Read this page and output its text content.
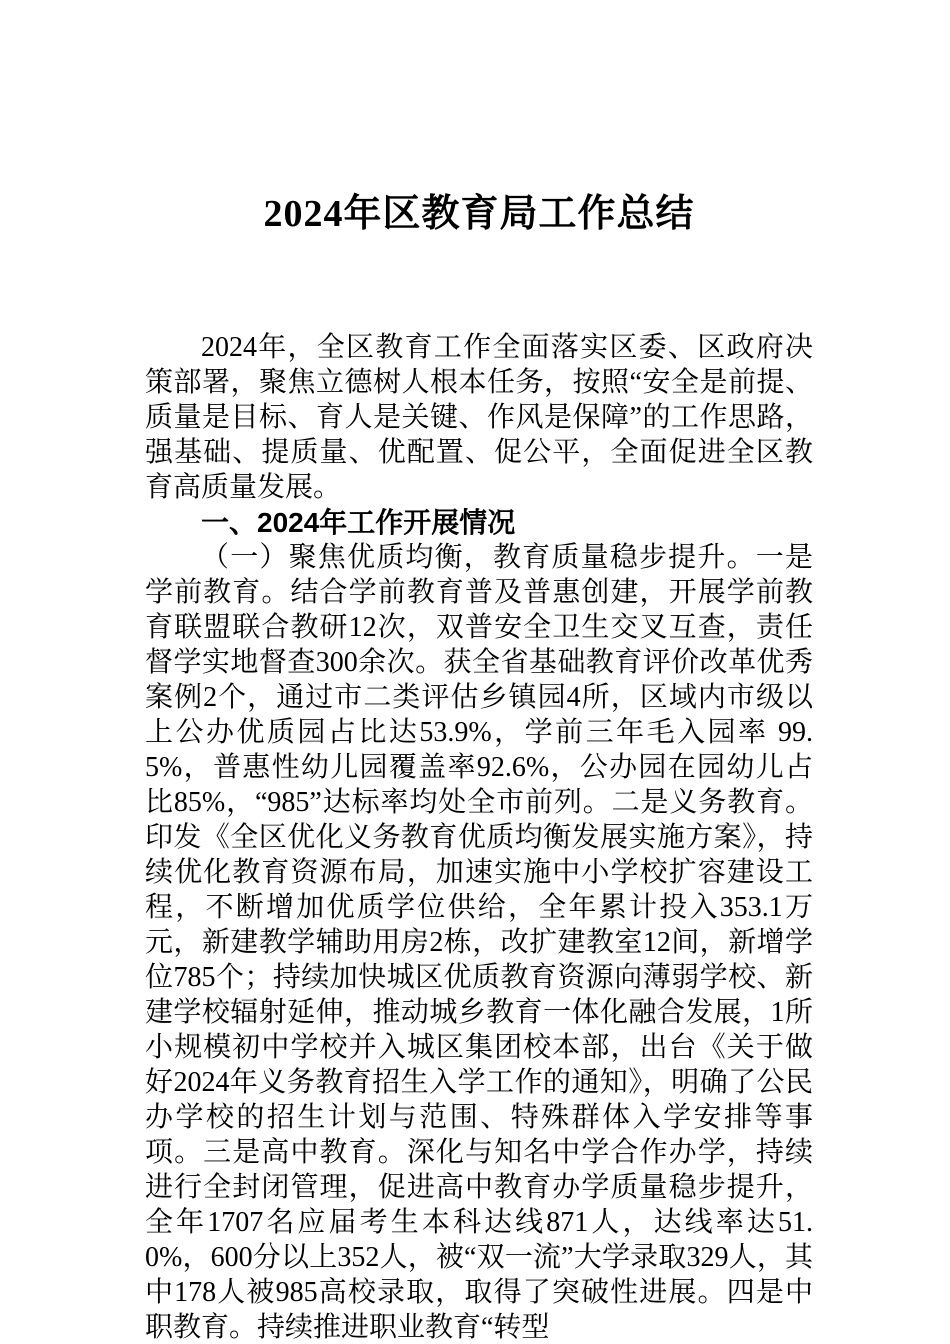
2024年区教育局工作总结

2024年，全区教育工作全面落实区委、区政府决策部署，聚焦立德树人根本任务，按照“安全是前提、质量是目标、育人是关键、作风是保障”的工作思路，强基础、提质量、优配置、促公平，全面促进全区教育高质量发展。

一、2024年工作开展情况

（一）聚焦优质均衡，教育质量稳步提升。一是学前教育。结合学前教育普及普惠创建，开展学前教育联盟联合教研12次，双普安全卫生交叉互查，责任督学实地督查300余次。获全省基础教育评价改革优秀案例2个，通过市二类评估乡镇园4所，区域内市级以上公办优质园占比达53.9%，学前三年毛入园率 99.5%，普惠性幼儿园覆盖率92.6%，公办园在园幼儿占比85%，“985”达标率均处全市前列。二是义务教育。印发《全区优化义务教育优质均衡发展实施方案》，持续优化教育资源布局，加速实施中小学校扩容建设工程，不断增加优质学位供给，全年累计投入353.1万元，新建教学辅助用房2栋，改扩建教室12间，新增学位785个；持续加快城区优质教育资源向薄弱学校、新建学校辐射延伸，推动城乡教育一体化融合发展，1所小规模初中学校并入城区集团校本部，出台《关于做好2024年义务教育招生入学工作的通知》，明确了公民办学校的招生计划与范围、特殊群体入学安排等事项。三是高中教育。深化与知名中学合作办学，持续进行全封闭管理，促进高中教育办学质量稳步提升，全年1707名应届考生本科达线871人，达线率达51.0%，600分以上352人，被“双一流”大学录取329人，其中178人被985高校录取，取得了突破性进展。四是中职教育。持续推进职业教育“转型
